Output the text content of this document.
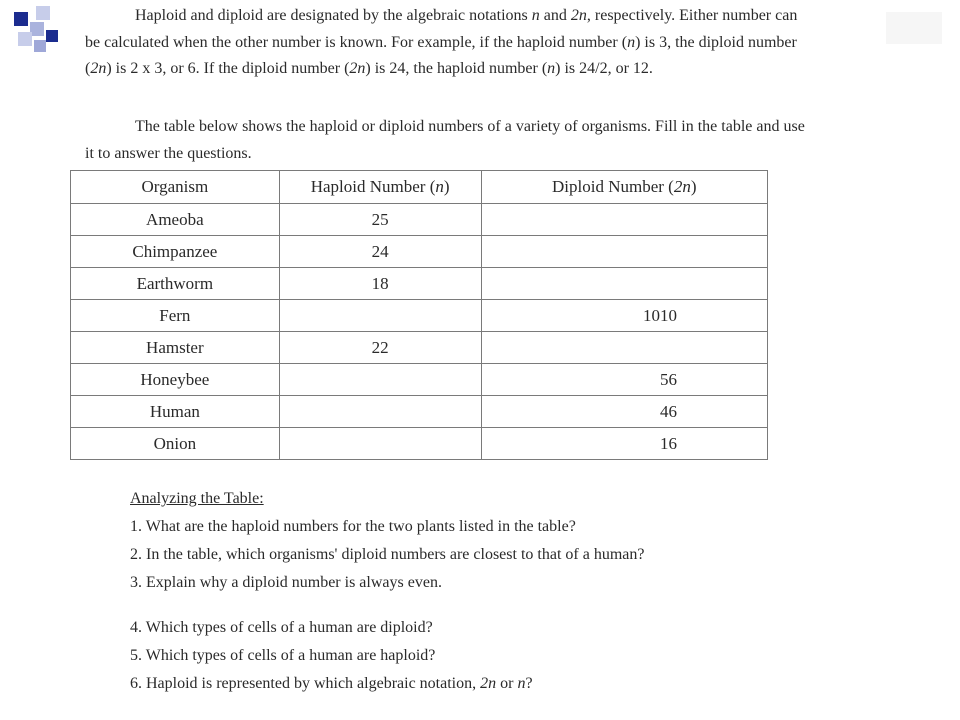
Haploid and diploid are designated by the algebraic notations n and 2n, respectively. Either number can be calculated when the other number is known. For example, if the haploid number (n) is 3, the diploid number (2n) is 2 x 3, or 6. If the diploid number (2n) is 24, the haploid number (n) is 24/2, or 12.

The table below shows the haploid or diploid numbers of a variety of organisms. Fill in the table and use it to answer the questions.

Organism	Haploid Number (n)	Diploid Number (2n)
Ameoba	25	
Chimpanzee	24	
Earthworm	18	
Fern		1010
Hamster	22	
Honeybee		56
Human		46
Onion		16

Analyzing the Table:

1. What are the haploid numbers for the two plants listed in the table?

2. In the table, which organisms' diploid numbers are closest to that of a human?

3. Explain why a diploid number is always even.

4. Which types of cells of a human are diploid?

5. Which types of cells of a human are haploid?

6. Haploid is represented by which algebraic notation, 2n or n?
